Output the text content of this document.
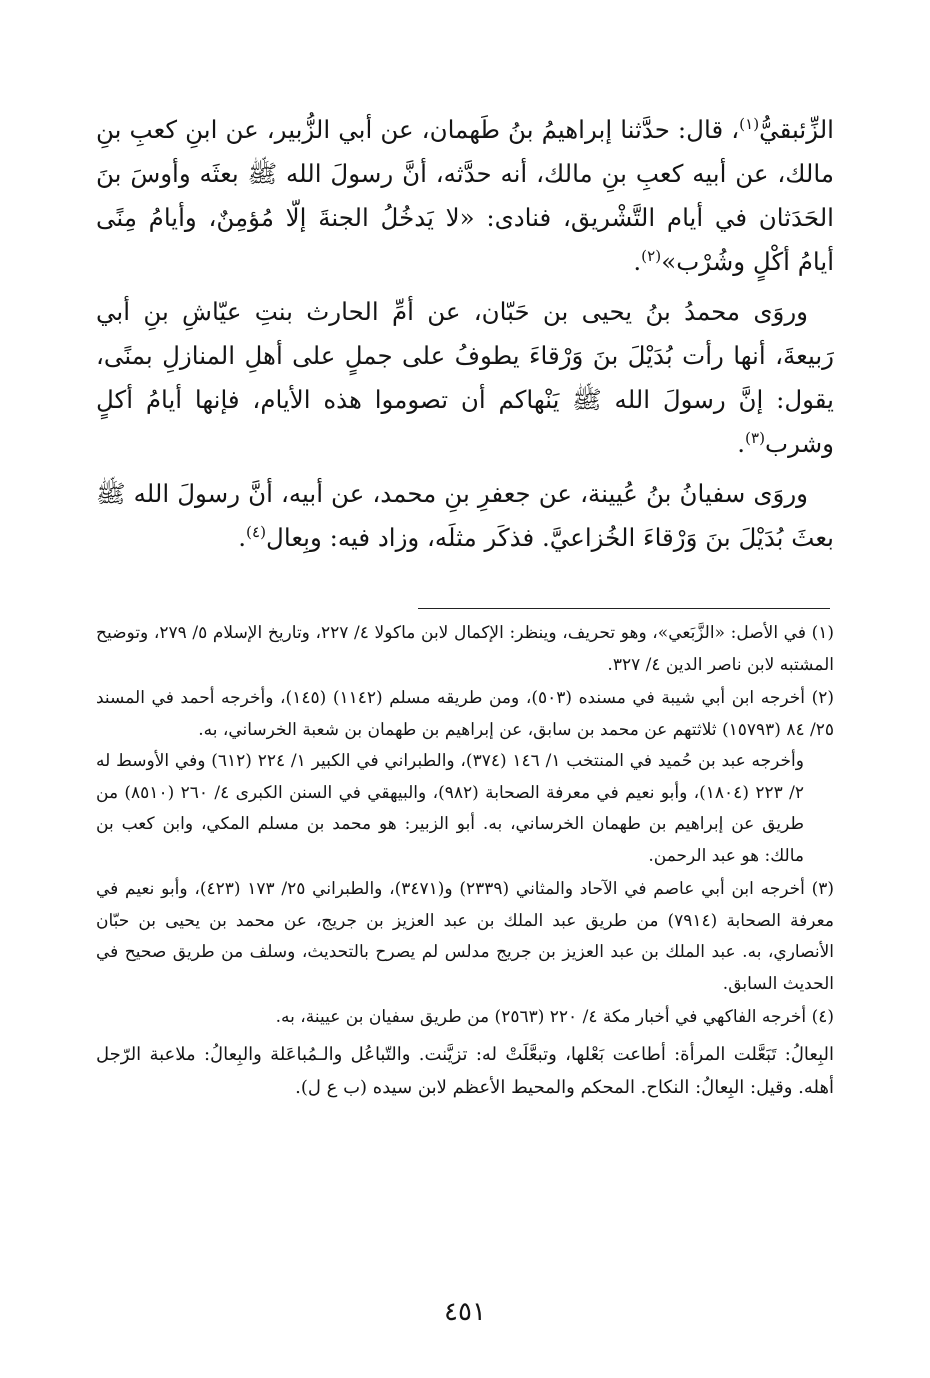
الزِّئبقيُّ$^{(١)}$، قال: حدَّثنا إبراهيمُ بنُ طَهمان، عن أبي الزُّبير، عن ابنِ كعبِ بنِ مالك، عن أبيه كعبِ بنِ مالك، أنه حدَّثه، أنَّ رسولَ الله ﷺ بعثَه وأوسَ بنَ الحَدَثان في أيام التَّشْريق، فنادى: «لا يَدخُلُ الجنةَ إلّا مُؤمِنٌ، وأيامُ مِنًى أيامُ أكْلٍ وشُرْب»$^{(٢)}$.

وروَى محمدُ بنُ يحيى بن حَبّان، عن أمِّ الحارث بنتِ عيّاشِ بنِ أبي رَبيعةَ، أنها رأت بُدَيْلَ بنَ وَرْقاءَ يطوفُ على جملٍ على أهلِ المنازلِ بمنًى، يقول: إنَّ رسولَ الله ﷺ يَنْهاكم أن تصوموا هذه الأيام، فإنها أيامُ أكلٍ وشرب$^{(٣)}$.

وروَى سفيانُ بنُ عُيينة، عن جعفرِ بنِ محمد، عن أبيه، أنَّ رسولَ الله ﷺ بعثَ بُدَيْلَ بنَ وَرْقاءَ الخُزاعيَّ. فذكَر مثلَه، وزاد فيه: وبِعال$^{(٤)}$.

(١) في الأصل: «الزَّبَعي»، وهو تحريف، وينظر: الإكمال لابن ماكولا ٤/ ٢٢٧، وتاريخ الإسلام ٥/ ٢٧٩، وتوضيح المشتبه لابن ناصر الدين ٤/ ٣٢٧.

(٢) أخرجه ابن أبي شيبة في مسنده (٥٠٣)، ومن طريقه مسلم (١١٤٢) (١٤٥)، وأخرجه أحمد في المسند ٢٥/ ٨٤ (١٥٧٩٣) ثلاثتهم عن محمد بن سابق، عن إبراهيم بن طهمان بن شعبة الخرساني، به.

وأخرجه عبد بن حُميد في المنتخب ١/ ١٤٦ (٣٧٤)، والطبراني في الكبير ١/ ٢٢٤ (٦١٢) وفي الأوسط له ٢/ ٢٢٣ (١٨٠٤)، وأبو نعيم في معرفة الصحابة (٩٨٢)، والبيهقي في السنن الكبرى ٤/ ٢٦٠ (٨٥١٠) من طريق عن إبراهيم بن طهمان الخرساني، به. أبو الزبير: هو محمد بن مسلم المكي، وابن كعب بن مالك: هو عبد الرحمن.

(٣) أخرجه ابن أبي عاصم في الآحاد والمثاني (٢٣٣٩) و(٣٤٧١)، والطبراني ٢٥/ ١٧٣ (٤٢٣)، وأبو نعيم في معرفة الصحابة (٧٩١٤) من طريق عبد الملك بن عبد العزيز بن جريج، عن محمد بن يحيى بن حبّان الأنصاري، به. عبد الملك بن عبد العزيز بن جريج مدلس لم يصرح بالتحديث، وسلف من طريق صحيح في الحديث السابق.

(٤) أخرجه الفاكهي في أخبار مكة ٤/ ٢٢٠ (٢٥٦٣) من طريق سفيان بن عيينة، به.

البِعالُ: تَبَعَّلت المرأة: أطاعت بَعْلها، وتبعَّلَتْ له: تزيَّنت. والتّباعُل والـمُباعَلة والبِعالُ: ملاعبة الرّجل أهله. وقيل: البِعالُ: النكاح. المحكم والمحيط الأعظم لابن سيده (ب ع ل).

٤٥١
